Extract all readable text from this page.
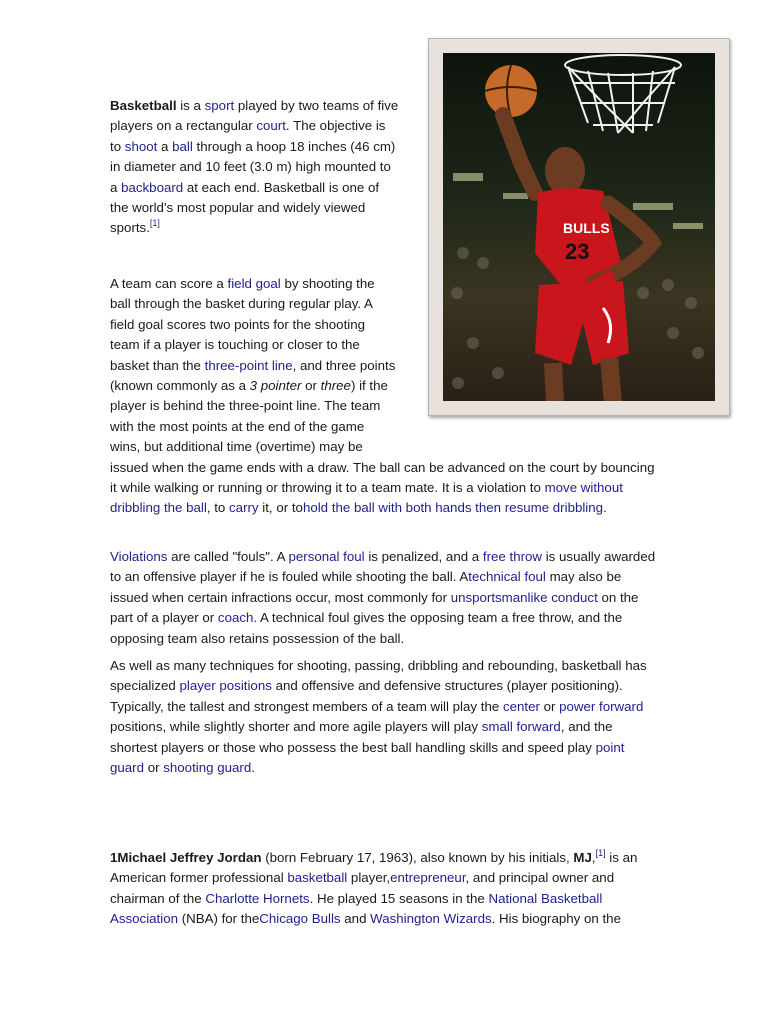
BULLS
23

Basketball is a sport played by two teams of five players on a rectangular court. The objective is to shoot a ball through a hoop 18 inches (46 cm) in diameter and 10 feet (3.0 m) high mounted to a backboard at each end. Basketball is one of the world's most popular and widely viewed sports.[1]

A team can score a field goal by shooting the ball through the basket during regular play. A field goal scores two points for the shooting team if a player is touching or closer to the basket than the three-point line, and three points (known commonly as a 3 pointer or three) if the player is behind the three-point line. The team with the most points at the end of the game wins, but additional time (overtime) may be issued when the game ends with a draw. The ball can be advanced on the court by bouncing it while walking or running or throwing it to a team mate. It is a violation to move without dribbling the ball, to carry it, or tohold the ball with both hands then resume dribbling.

Violations are called "fouls". A personal foul is penalized, and a free throw is usually awarded to an offensive player if he is fouled while shooting the ball. Atechnical foul may also be issued when certain infractions occur, most commonly for unsportsmanlike conduct on the part of a player or coach. A technical foul gives the opposing team a free throw, and the opposing team also retains possession of the ball.

As well as many techniques for shooting, passing, dribbling and rebounding, basketball has specialized player positions and offensive and defensive structures (player positioning). Typically, the tallest and strongest members of a team will play the center or power forward positions, while slightly shorter and more agile players will play small forward, and the shortest players or those who possess the best ball handling skills and speed play point guard or shooting guard.

1Michael Jeffrey Jordan (born February 17, 1963), also known by his initials, MJ,[1] is an American former professional basketball player,entrepreneur, and principal owner and chairman of the Charlotte Hornets. He played 15 seasons in the National Basketball Association (NBA) for theChicago Bulls and Washington Wizards. His biography on the
